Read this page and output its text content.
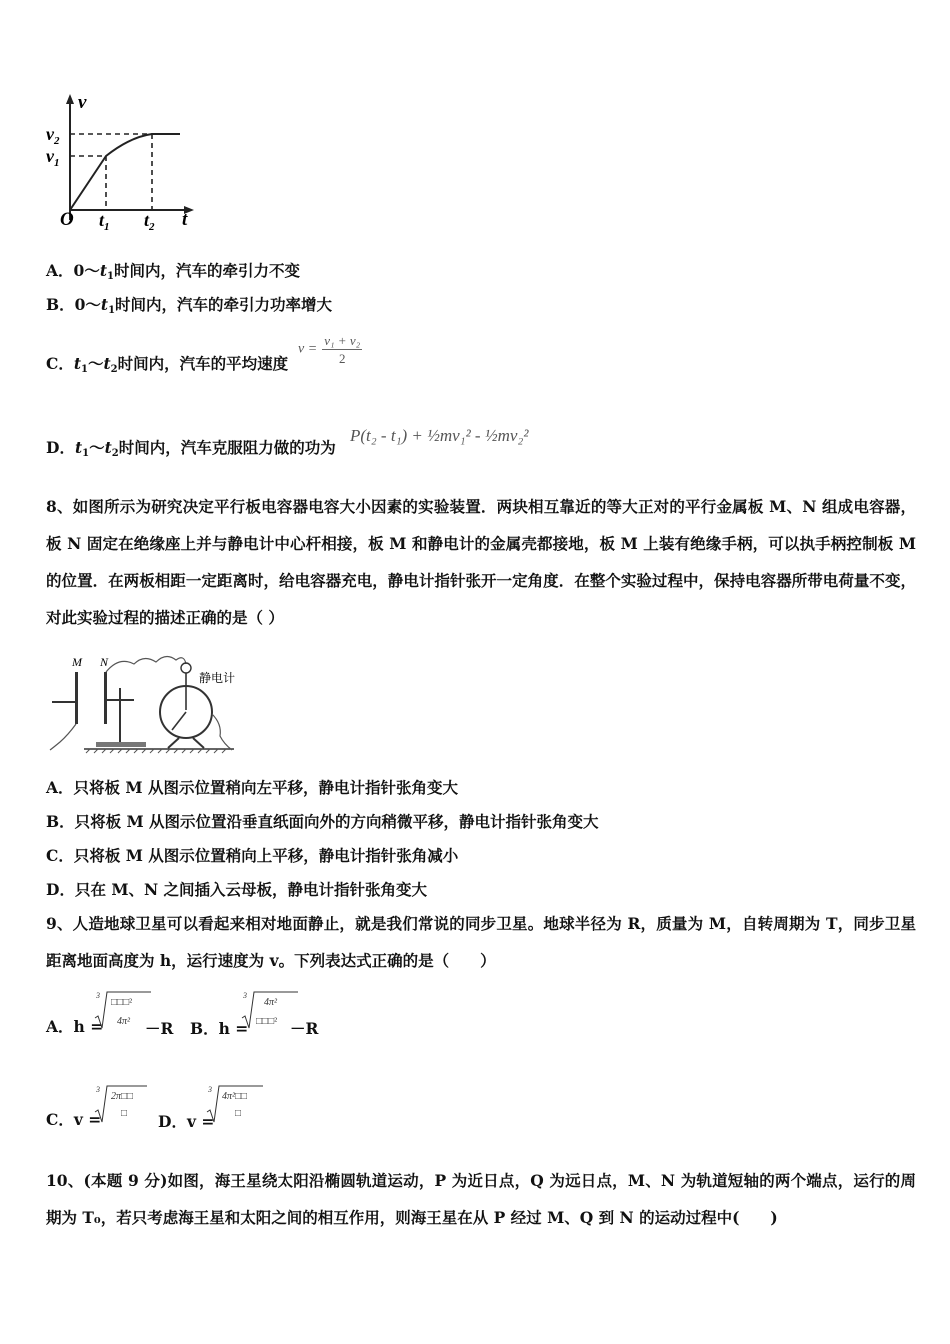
v
t
O
$v_2$
$v_1$
$t_1$ $t_2$
A．$0\sim t_1$时间内，汽车的牵引力不变
B．$0\sim t_1$时间内，汽车的牵引力功率增大
C．$t_1\sim t_2$时间内，汽车的平均速度
$v = \frac{\text{v₁ + v₂}}{2}$
D．$t_1\sim t_2$时间内，汽车克服阻力做的功为
P(t₂ - t₁) + ½mv₁² - ½mv₂²
8、如图所示为研究决定平行板电容器电容大小因素的实验装置．两块相互靠近的等大正对的平行金属板 M、N 组成电容器，板 N 固定在绝缘座上并与静电计中心杆相接，板 M 和静电计的金属壳都接地，板 M 上装有绝缘手柄，可以执手柄控制板 M 的位置．在两板相距一定距离时，给电容器充电，静电计指针张开一定角度．在整个实验过程中，保持电容器所带电荷量不变，对此实验过程的描述正确的是（ ）
M N
静电计
A．只将板 M 从图示位置稍向左平移，静电计指针张角变大
B．只将板 M 从图示位置沿垂直纸面向外的方向稍微平移，静电计指针张角变大
C．只将板 M 从图示位置稍向上平移，静电计指针张角减小
D．只在 M、N 之间插入云母板，静电计指针张角变大
9、人造地球卫星可以看起来相对地面静止，就是我们常说的同步卫星。地球半径为 R，质量为 M，自转周期为 T，同步卫星距离地面高度为 h，运行速度为 v。下列表达式正确的是（　　）
A．h =
3
□□□²
4π² －R B．h =
3
4π²
□□□² －R
C．v =
3
2π□□
□ D．v =
3
4π²□□
□
10、(本题 9 分)如图，海王星绕太阳沿椭圆轨道运动，P 为近日点，Q 为远日点，M、N 为轨道短轴的两个端点，运行的周期为 T₀，若只考虑海王星和太阳之间的相互作用，则海王星在从 P 经过 M、Q 到 N 的运动过程中(　　)
